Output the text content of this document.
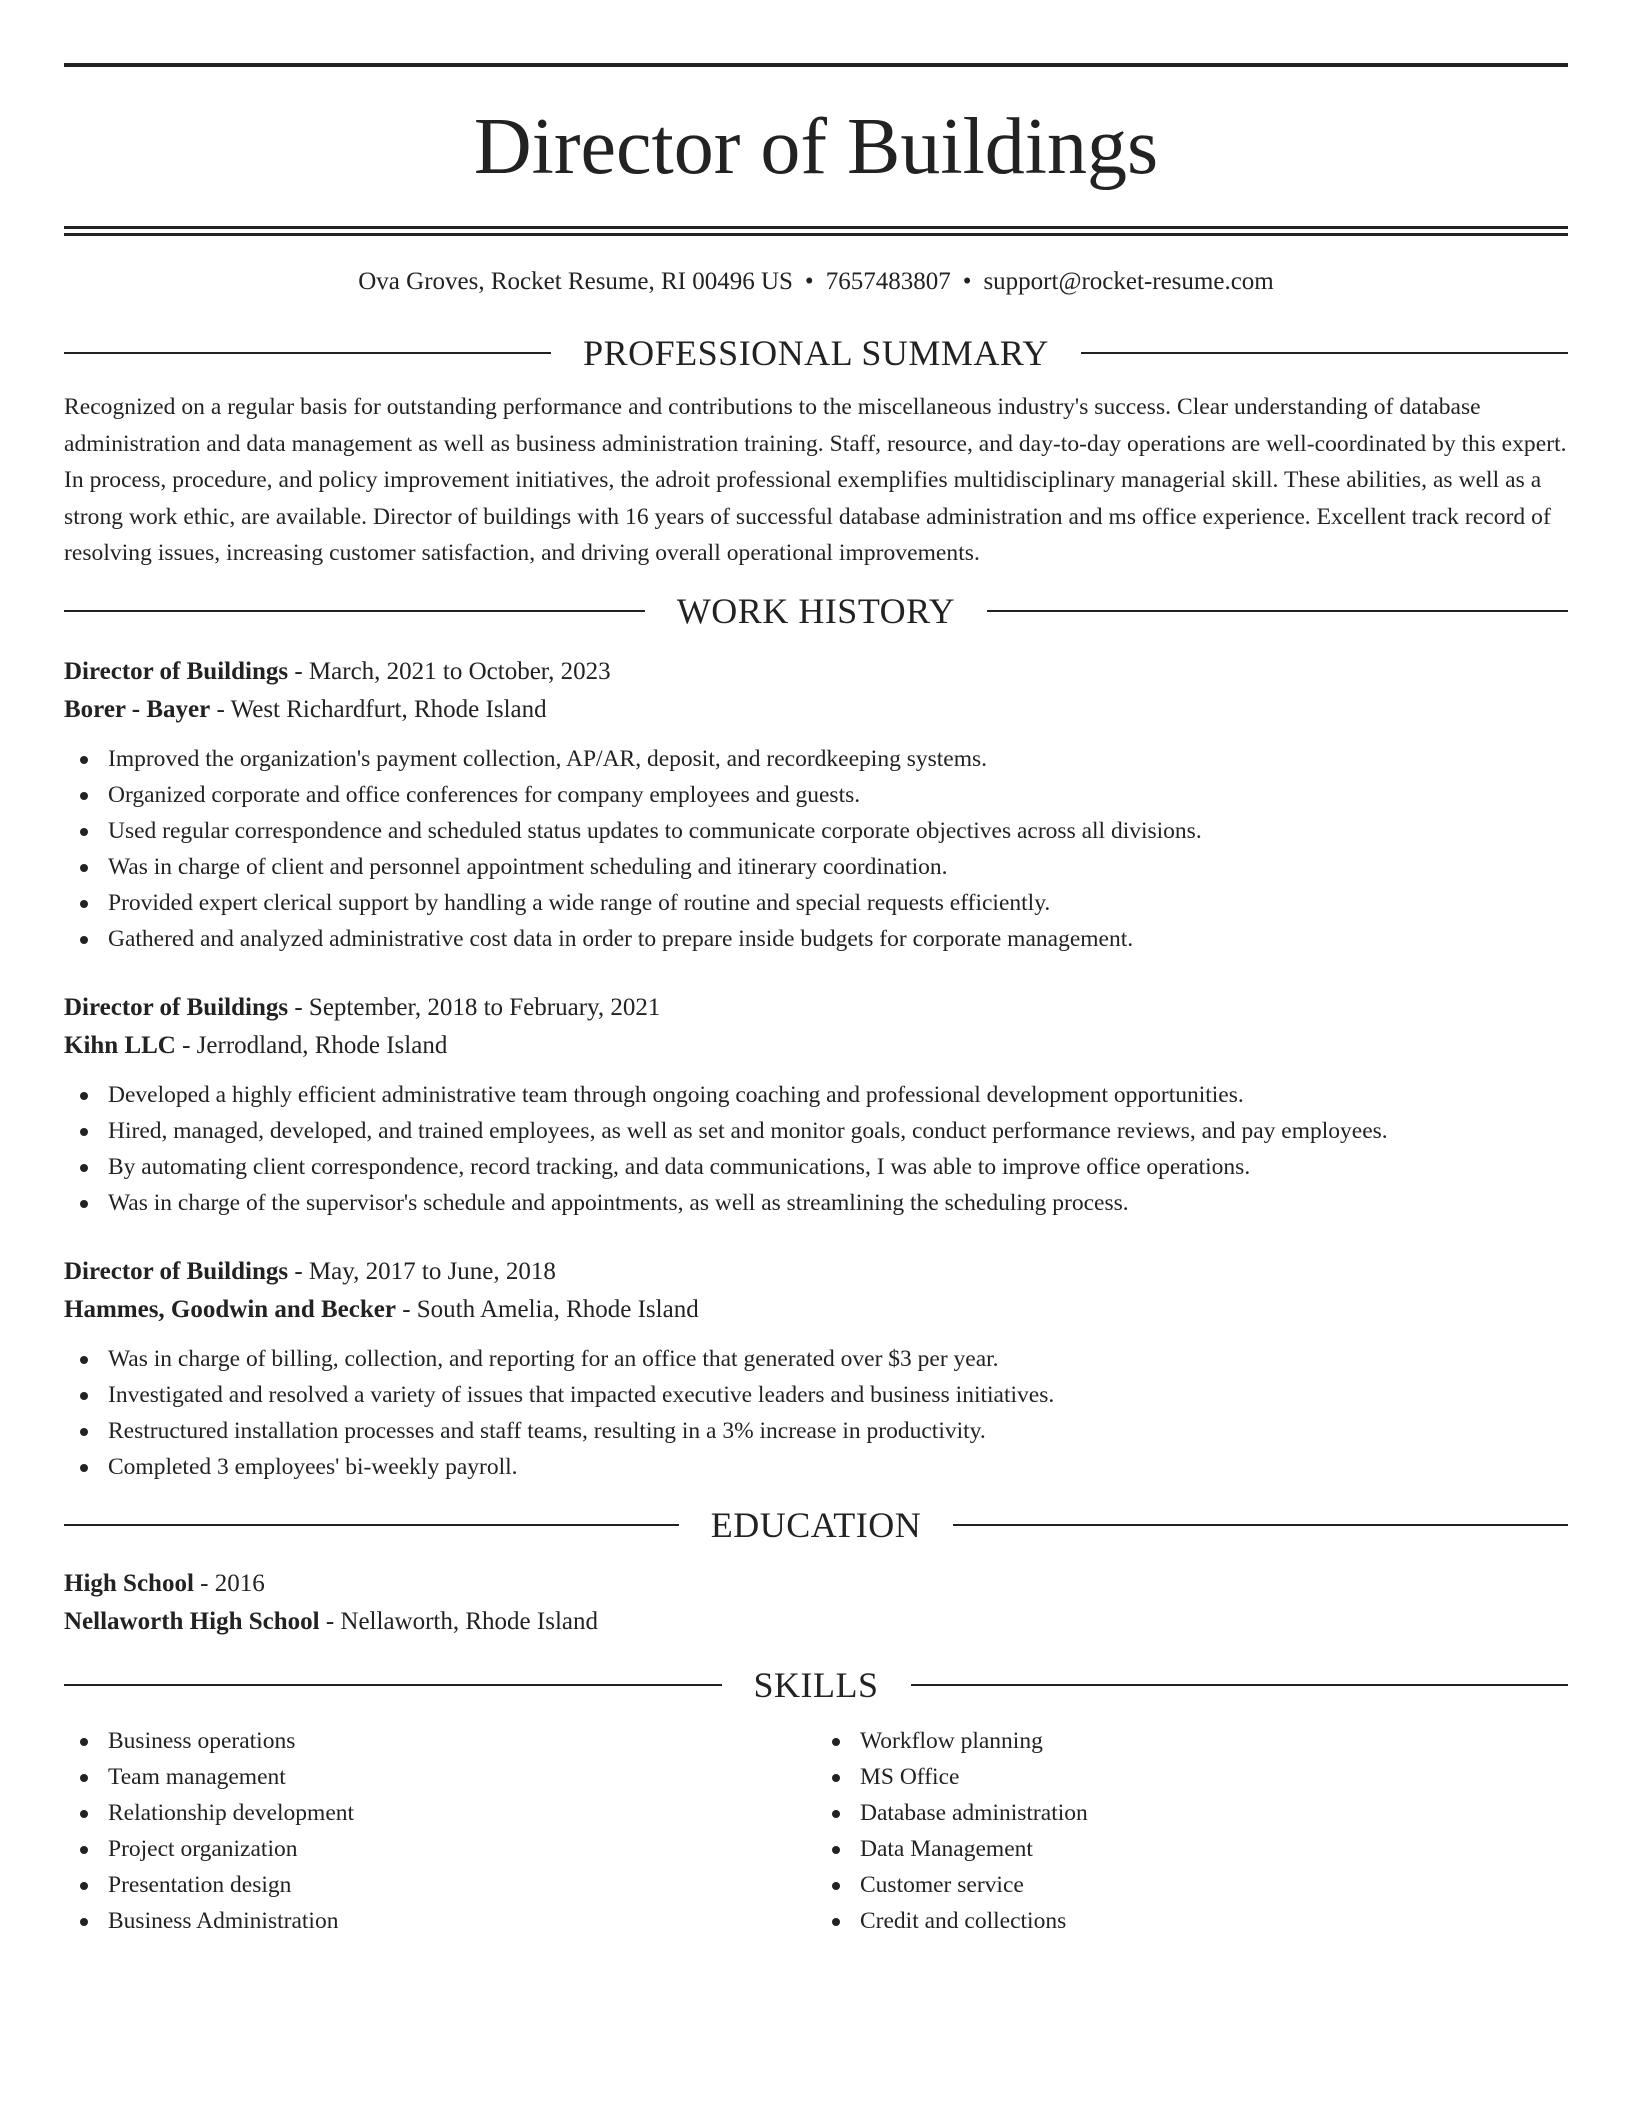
Director of Buildings
Ova Groves, Rocket Resume, RI 00496 US • 7657483807 • support@rocket-resume.com
PROFESSIONAL SUMMARY

Recognized on a regular basis for outstanding performance and contributions to the miscellaneous industry's success. Clear understanding of database administration and data management as well as business administration training. Staff, resource, and day-to-day operations are well-coordinated by this expert. In process, procedure, and policy improvement initiatives, the adroit professional exemplifies multidisciplinary managerial skill. These abilities, as well as a strong work ethic, are available. Director of buildings with 16 years of successful database administration and ms office experience. Excellent track record of resolving issues, increasing customer satisfaction, and driving overall operational improvements.

WORK HISTORY
Director of Buildings - March, 2021 to October, 2023
Borer - Bayer - West Richardfurt, Rhode Island
Improved the organization's payment collection, AP/AR, deposit, and recordkeeping systems.
Organized corporate and office conferences for company employees and guests.
Used regular correspondence and scheduled status updates to communicate corporate objectives across all divisions.
Was in charge of client and personnel appointment scheduling and itinerary coordination.
Provided expert clerical support by handling a wide range of routine and special requests efficiently.
Gathered and analyzed administrative cost data in order to prepare inside budgets for corporate management.
Director of Buildings - September, 2018 to February, 2021
Kihn LLC - Jerrodland, Rhode Island
Developed a highly efficient administrative team through ongoing coaching and professional development opportunities.
Hired, managed, developed, and trained employees, as well as set and monitor goals, conduct performance reviews, and pay employees.
By automating client correspondence, record tracking, and data communications, I was able to improve office operations.
Was in charge of the supervisor's schedule and appointments, as well as streamlining the scheduling process.
Director of Buildings - May, 2017 to June, 2018
Hammes, Goodwin and Becker - South Amelia, Rhode Island
Was in charge of billing, collection, and reporting for an office that generated over $3 per year.
Investigated and resolved a variety of issues that impacted executive leaders and business initiatives.
Restructured installation processes and staff teams, resulting in a 3% increase in productivity.
Completed 3 employees' bi-weekly payroll.
EDUCATION
High School - 2016
Nellaworth High School - Nellaworth, Rhode Island
SKILLS
Business operations
Team management
Relationship development
Project organization
Presentation design
Business Administration
Workflow planning
MS Office
Database administration
Data Management
Customer service
Credit and collections
